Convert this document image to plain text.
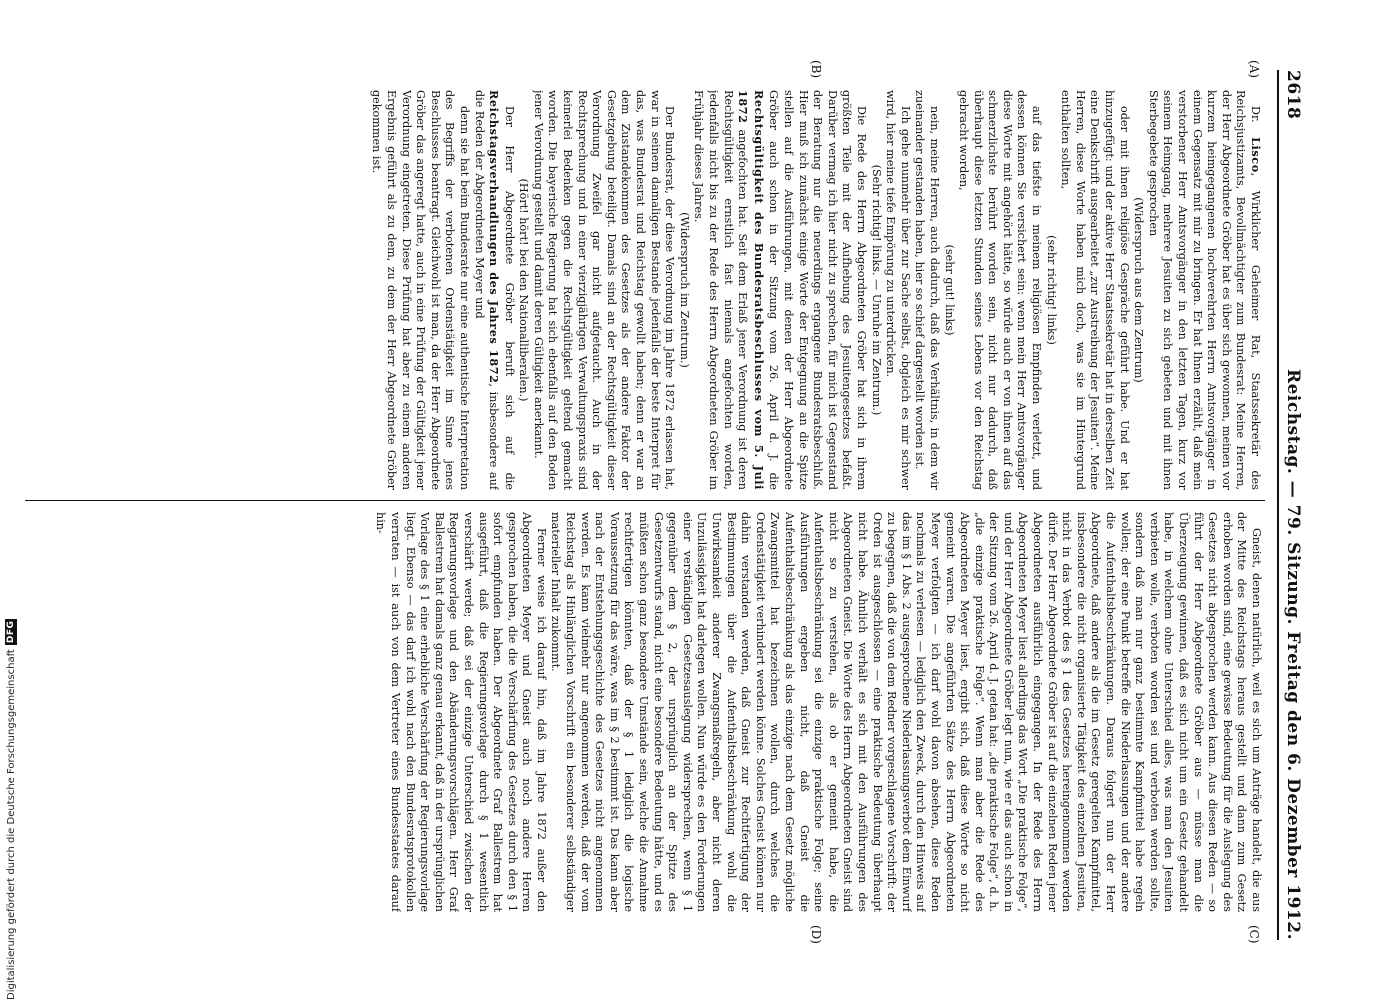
2618
Reichstag. — 79. Sitzung. Freitag den 6. Dezember 1912.
(A)
(B)
(C)
(D)

Dr. Lisco, Wirklicher Geheimer Rat, Staatssekretär des Reichsjustizamts, Bevollmächtigter zum Bundesrat: Meine Herren, der Herr Abgeordnete Gröber hat es über sich gewonnen, meinen vor kurzem heimgegangenen hochverehrten Herrn Amtsvorgänger in einem Gegensatz mit mir zu bringen. Er hat Ihnen erzählt, daß mein verstorbener Herr Amtsvorgänger in den letzten Tagen, kurz vor seinem Heimgang, mehrere Jesuiten zu sich gebeten und mit ihnen Sterbegebete gesprochen

(Widerspruch aus dem Zentrum)

oder mit ihnen religiöse Gespräche geführt habe. Und er hat hinzugefügt: und der aktive Herr Staatssekretär hat in derselben Zeit eine Denkschrift ausgearbeitet „zur Austreibung der Jesuiten“. Meine Herren, diese Worte haben mich doch, was sie im Hintergrund enthalten sollten,

(sehr richtig! links)

auf das tiefste in meinem religiösen Empfinden verletzt, und dessen können Sie versichert sein: wenn mein Herr Amtsvorgänger diese Worte mit angehört hätte, so würde auch er von ihnen auf das schmerzlichste berührt worden sein, nicht nur dadurch, daß überhaupt diese letzten Stunden seines Lebens vor den Reichstag gebracht worden,

(sehr gut! links)

nein, meine Herren, auch dadurch, daß das Verhältnis, in dem wir zueinander gestanden haben, hier so schief dargestellt worden ist.

Ich gehe nunmehr über zur Sache selbst, obgleich es mir schwer wird, hier meine tiefe Empörung zu unterdrücken.

(Sehr richtig! links. — Unruhe im Zentrum.)

Die Rede des Herrn Abgeordneten Gröber hat sich in ihrem größten Teile mit der Aufhebung des Jesuitengesetzes befaßt. Darüber vermag ich hier nicht zu sprechen, für mich ist Gegenstand der Beratung nur die neuerdings ergangene Bundesratsbeschluß. Hier muß ich zunächst einige Worte der Entgegnung an die Spitze stellen auf die Ausführungen, mit denen der Herr Abgeordnete Gröber auch schon in der Sitzung vom 26. April d. J. die Rechtsgültigkeit des Bundesratsbeschlusses vom 5. Juli 1872 angefochten hat. Seit dem Erlaß jener Verordnung ist deren Rechtsgültigkeit ernstlich fast niemals angefochten worden, jedenfalls nicht bis zu der Rede des Herrn Abgeordneten Gröber im Frühjahr dieses Jahres.

(Widerspruch im Zentrum.)

Der Bundesrat, der diese Verordnung im Jahre 1872 erlassen hat, war in seinem damaligen Bestande jedenfalls der beste Interpret für das, was Bundesrat und Reichstag gewollt haben; denn er war an dem Zustandekommen des Gesetzes als der andere Faktor der Gesetzgebung beteiligt. Damals sind an der Rechtsgültigkeit dieser Verordnung Zweifel gar nicht aufgetaucht. Auch in der Rechtsprechung und in einer vierzigjährigen Verwaltungspraxis sind keinerlei Bedenken gegen die Rechtsgültigkeit geltend gemacht worden. Die bayerische Regierung hat sich ebenfalls auf den Boden jener Verordnung gestellt und damit deren Gültigkeit anerkannt.

(Hört! hört! bei den Nationalliberalen.)

Der Herr Abgeordnete Gröber beruft sich auf die Reichstagsverhandlungen des Jahres 1872, insbesondere auf die Reden der Abgeordneten Meyer und

denn sie hat beim Bundesrate nur eine authentische Interpretation des Begriffs der verbotenen Ordenstätigkeit im Sinne jenes Beschlusses beantragt. Gleichwohl ist man, da der Herr Abgeordnete Gröber das angeregt hatte, auch in eine Prüfung der Gültigkeit jener Verordnung eingetreten. Diese Prüfung hat aber zu einem anderen Ergebnis geführt als zu dem, zu dem der Herr Abgeordnete Gröber gekommen ist.

Gneist, denen natürlich, weil es sich um Anträge handelt, die aus der Mitte des Reichstags heraus gestellt und dann zum Gesetz erhoben worden sind, eine gewisse Bedeutung für die Auslegung des Gesetzes nicht abgesprochen werden kann. Aus diesen Reden — so führt der Herr Abgeordnete Gröber aus — müsse man die Überzeugung gewinnen, daß es sich nicht um ein Gesetz gehandelt habe, in welchem ohne Unterschied alles, was man den Jesuiten verbieten wolle, verboten worden sei und verboten werden sollte, sondern daß man nur ganz bestimmte Kampfmittel habe regeln wollen; der eine Punkt betreffe die Niederlassungen und der andere die Aufenthaltsbeschränkungen. Daraus folgert nun der Herr Abgeordnete, daß andere als die im Gesetz geregelten Kampfmittel, insbesondere die nicht organisierte Tätigkeit des einzelnen Jesuiten, nicht in das Verbot des § 1 des Gesetzes hereingenommen werden dürfe. Der Herr Abgeordnete Gröber ist auf die einzelnen Reden jener Abgeordneten ausführlich eingegangen. In der Rede des Herrn Abgeordneten Meyer liest allerdings das Wort „Die praktische Folge“, und der Herr Abgeordnete Gröber legt nun, wie er das auch schon in der Sitzung vom 26. April d. J. getan hat: „die praktische Folge“, d. h. „die einzige praktische Folge“. Wenn man aber die Rede des Abgeordneten Meyer liest, ergibt sich, daß diese Worte so nicht gemeint waren. Die angeführten Sätze des Herrn Abgeordneten Meyer verfolgten — ich darf wohl davon absehen, diese Reden nochmals zu verlesen — lediglich den Zweck, durch den Hinweis auf das im § 1 Abs. 2 ausgesprochene Niederlassungsverbot dem Einwurf zu begegnen, daß die von dem Redner vorgeschlagene Vorschrift: der Orden ist ausgeschlossen — eine praktische Bedeutung überhaupt nicht habe. Ähnlich verhält es sich mit den Ausführungen des Abgeordneten Gneist. Die Worte des Herrn Abgeordneten Gneist sind nicht so zu verstehen, als ob er gemeint habe, die Aufenthaltsbeschränkung sei die einzige praktische Folge; seine Ausführungen ergeben nicht, daß Gneist die Aufenthaltsbeschränkung als das einzige nach dem Gesetz mögliche Zwangsmittel hat bezeichnen wollen, durch welches die Ordenstätigkeit verhindert werden könne. Solches Gneist können nur dahin verstanden werden, daß Gneist zur Rechtfertigung der Bestimmungen über die Aufenthaltsbeschränkung wohl die Unwirksamkeit anderer Zwangsmaßregeln, aber nicht deren Unzulässigkeit hat darlegen wollen. Nun würde es den Forderungen einer verständigen Gesetzesauslegung widersprechen, wenn § 1 gegenüber dem § 2, der ursprünglich an der Spitze des Gesetzentwurfs stand, nicht eine besondere Bedeutung hätte, und es müßten schon ganz besondere Umstände sein, welche die Annahme rechtfertigen könnten, daß der § 1 lediglich die logische Voraussetzung für das wäre, was im § 2 bestimmt ist. Das kann aber nach der Entstehungsgeschichte des Gesetzes nicht angenommen werden. Es kann vielmehr nur angenommen werden, daß der vom Reichstag als Hinlänglichen Vorschrift ein besonderer selbständiger materieller Inhalt zukommt.

Ferner weise ich darauf hin, daß im Jahre 1872 außer den Abgeordneten Meyer und Gneist auch noch andere Herren gesprochen haben, die die Verschärfung des Gesetzes durch den § 1 sofort empfunden haben. Der Abgeordnete Graf Ballestrem hat ausgeführt, daß die Regierungsvorlage durch § 1 wesentlich verschärft werde; daß sei der einzige Unterschied zwischen der Regierungsvorlage und den Abänderungsvorschlägen. Herr Graf Ballestrem hat damals ganz genau erkannt, daß in der ursprünglichen Vorlage des § 1 eine erhebliche Verschärfung der Regierungsvorlage liegt. Ebenso — das darf ich wohl nach den Bundesratsprotokollen verraten — ist auch von dem Vertreter eines Bundesstaates darauf hin-

Digitalisierung gefördert durch die Deutsche Forschungsgemeinschaft
DFG
